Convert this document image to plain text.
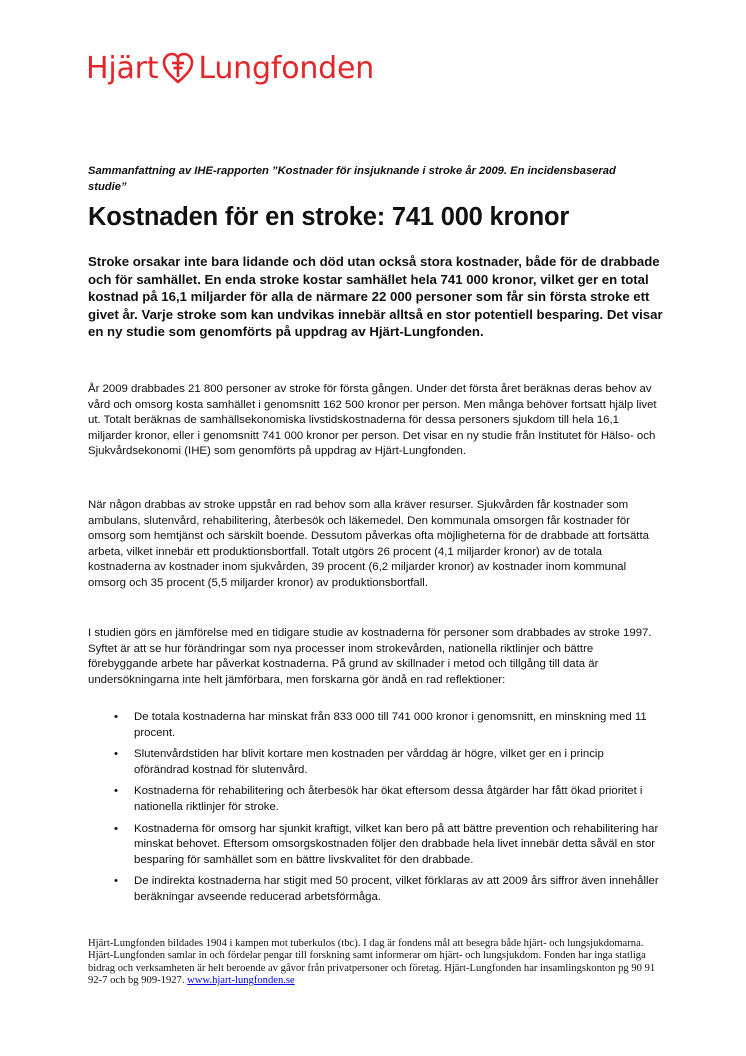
Hjärt Lungfonden
Sammanfattning av IHE-rapporten ”Kostnader för insjuknande i stroke år 2009. En incidensbaserad studie”
Kostnaden för en stroke: 741 000 kronor

Stroke orsakar inte bara lidande och död utan också stora kostnader, både för de drabbade och för samhället. En enda stroke kostar samhället hela 741 000 kronor, vilket ger en total kostnad på 16,1 miljarder för alla de närmare 22 000 personer som får sin första stroke ett givet år. Varje stroke som kan undvikas innebär alltså en stor potentiell besparing. Det visar en ny studie som genomförts på uppdrag av Hjärt-Lungfonden.

År 2009 drabbades 21 800 personer av stroke för första gången. Under det första året beräknas deras behov av vård och omsorg kosta samhället i genomsnitt 162 500 kronor per person. Men många behöver fortsatt hjälp livet ut. Totalt beräknas de samhällsekonomiska livstidskostnaderna för dessa personers sjukdom till hela 16,1 miljarder kronor, eller i genomsnitt 741 000 kronor per person. Det visar en ny studie från Institutet för Hälso- och Sjukvårdsekonomi (IHE) som genomförts på uppdrag av Hjärt-Lungfonden.

När någon drabbas av stroke uppstår en rad behov som alla kräver resurser. Sjukvården får kostnader som ambulans, slutenvård, rehabilitering, återbesök och läkemedel. Den kommunala omsorgen får kostnader för omsorg som hemtjänst och särskilt boende. Dessutom påverkas ofta möjligheterna för de drabbade att fortsätta arbeta, vilket innebär ett produktionsbortfall. Totalt utgörs 26 procent (4,1 miljarder kronor) av de totala kostnaderna av kostnader inom sjukvården, 39 procent (6,2 miljarder kronor) av kostnader inom kommunal omsorg och 35 procent (5,5 miljarder kronor) av produktionsbortfall.

I studien görs en jämförelse med en tidigare studie av kostnaderna för personer som drabbades av stroke 1997. Syftet är att se hur förändringar som nya processer inom strokevården, nationella riktlinjer och bättre förebyggande arbete har påverkat kostnaderna. På grund av skillnader i metod och tillgång till data är undersökningarna inte helt jämförbara, men forskarna gör ändå en rad reflektioner:

• De totala kostnaderna har minskat från 833 000 till 741 000 kronor i genomsnitt, en minskning med 11 procent.
• Slutenvårdstiden har blivit kortare men kostnaden per vårddag är högre, vilket ger en i princip oförändrad kostnad för slutenvård.
• Kostnaderna för rehabilitering och återbesök har ökat eftersom dessa åtgärder har fått ökad prioritet i nationella riktlinjer för stroke.
• Kostnaderna för omsorg har sjunkit kraftigt, vilket kan bero på att bättre prevention och rehabilitering har minskat behovet. Eftersom omsorgskostnaden följer den drabbade hela livet innebär detta såväl en stor besparing för samhället som en bättre livskvalitet för den drabbade.
• De indirekta kostnaderna har stigit med 50 procent, vilket förklaras av att 2009 års siffror även innehåller beräkningar avseende reducerad arbetsförmåga.

Hjärt-Lungfonden bildades 1904 i kampen mot tuberkulos (tbc). I dag är fondens mål att besegra både hjärt- och lungsjukdomarna. Hjärt-Lungfonden samlar in och fördelar pengar till forskning samt informerar om hjärt- och lungsjukdom. Fonden har inga statliga bidrag och verksamheten är helt beroende av gåvor från privatpersoner och företag. Hjärt-Lungfonden har insamlingskonton pg 90 91 92-7 och bg 909-1927. www.hjart-lungfonden.se
